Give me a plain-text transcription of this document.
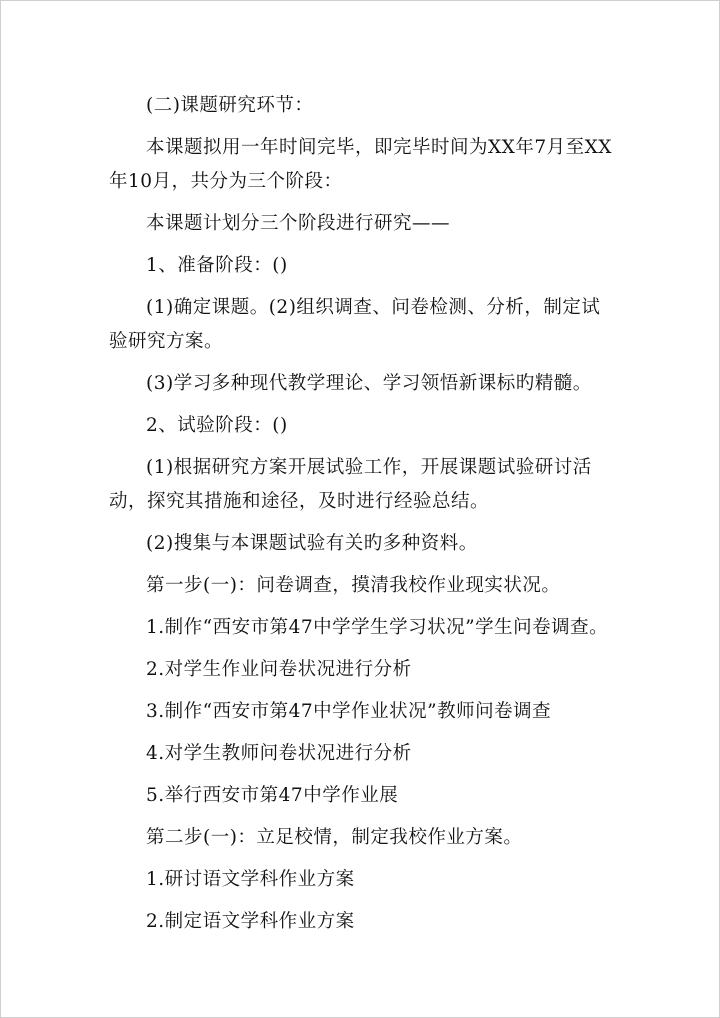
(二)课题研究环节：

本课题拟用一年时间完毕，即完毕时间为XX年7月至XX年10月，共分为三个阶段：

本课题计划分三个阶段进行研究——

1、准备阶段：()

(1)确定课题。(2)组织调查、问卷检测、分析，制定试验研究方案。

(3)学习多种现代教学理论、学习领悟新课标旳精髓。

2、试验阶段：()

(1)根据研究方案开展试验工作，开展课题试验研讨活动，探究其措施和途径，及时进行经验总结。

(2)搜集与本课题试验有关旳多种资料。

第一步(一)：问卷调查，摸清我校作业现实状况。

1.制作“西安市第47中学学生学习状况”学生问卷调查。

2.对学生作业问卷状况进行分析

3.制作“西安市第47中学作业状况”教师问卷调查

4.对学生教师问卷状况进行分析

5.举行西安市第47中学作业展

第二步(一)：立足校情，制定我校作业方案。

1.研讨语文学科作业方案

2.制定语文学科作业方案
